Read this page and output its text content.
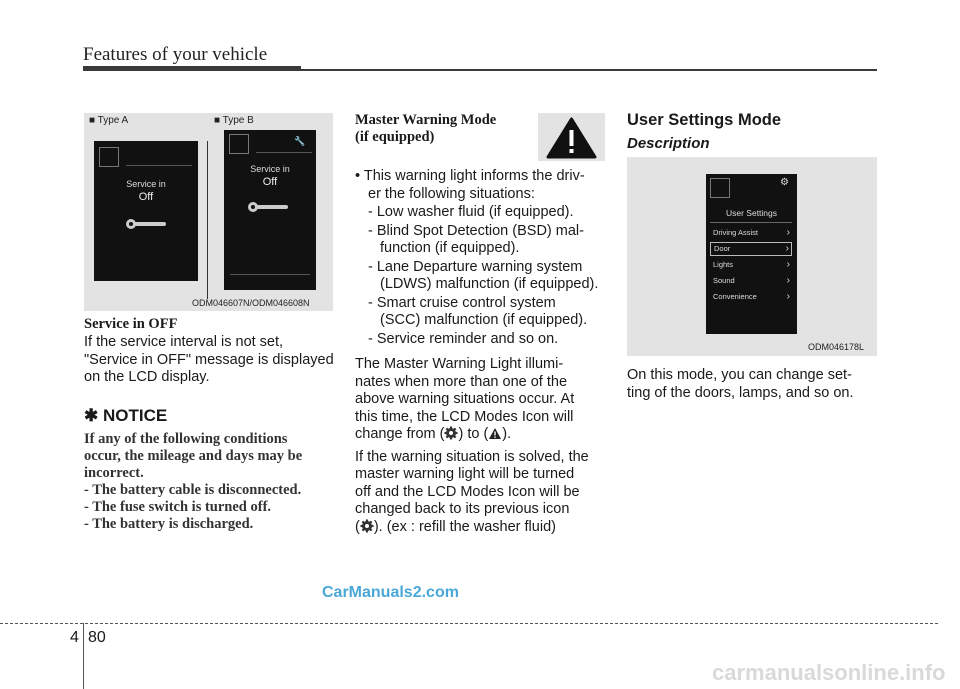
Features of your vehicle
■ Type A	■ Type B
Service in
Off
🔧
Service in
Off
ODM046607N/ODM046608N
Service in OFF
If the service interval is not set, "Service in OFF" message is displayed on the LCD display.
✱ NOTICE
If any of the following conditions
occur, the mileage and days may be
incorrect.
- The battery cable is disconnected.
- The fuse switch is turned off.
- The battery is discharged.
Master Warning Mode
(if equipped)
• This warning light informs the driv-
er the following situations:
- Low washer fluid (if equipped).
- Blind Spot Detection (BSD) mal-
function (if equipped).
- Lane Departure warning system
(LDWS) malfunction (if equipped).
- Smart cruise control system
(SCC) malfunction (if equipped).
- Service reminder and so on.
The Master Warning Light illumi-
nates when more than one of the
above warning situations occur. At
this time, the LCD Modes Icon will
change from ( ) to ( ).
If the warning situation is solved, the
master warning light will be turned
off and the LCD Modes Icon will be
changed back to its previous icon
( ). (ex : refill the washer fluid)
User Settings Mode
Description
⚙
User Settings
Driving Assist	›
Door	›
Lights	›
Sound	›
Convenience	›
ODM046178L
On this mode, you can change set-
ting of the doors, lamps, and so on.
CarManuals2.com
4 80
carmanualsonline.info
